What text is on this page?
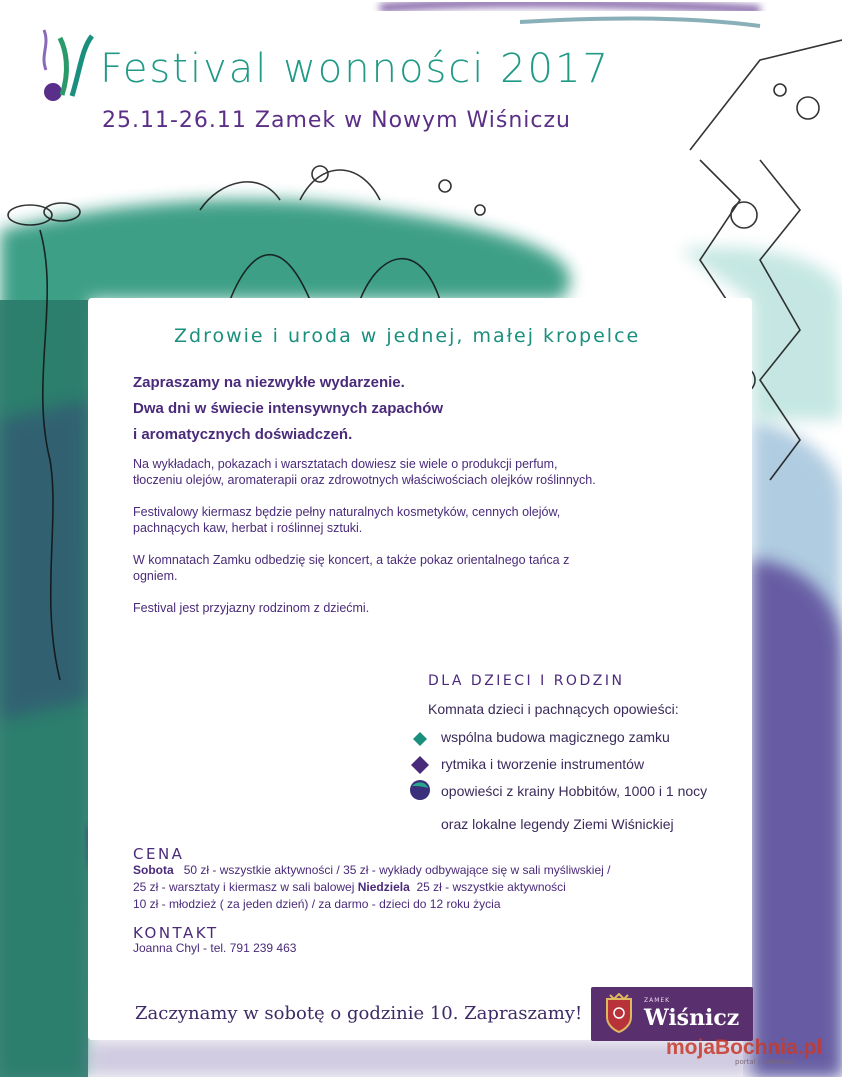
Festival wonności 2017
25.11-26.11 Zamek w Nowym Wiśniczu
Zdrowie i uroda w jednej, małej kropelce
Zapraszamy na niezwykłe wydarzenie.
Dwa dni w świecie intensywnych zapachów
i aromatycznych doświadczeń.

Na wykładach, pokazach i warsztatach dowiesz sie wiele o produkcji perfum, tłoczeniu olejów, aromaterapii oraz zdrowotnych właściwościach olejków roślinnych.

Festivalowy kiermasz będzie pełny naturalnych kosmetyków, cennych olejów, pachnących kaw, herbat i roślinnej sztuki.

W komnatach Zamku odbedzię się koncert, a także pokaz orientalnego tańca z ogniem.

Festival jest przyjazny rodzinom z dziećmi.

DLA DZIECI I RODZIN
Komnata dzieci i pachnących opowieści:
wspólna budowa magicznego zamku
rytmika i tworzenie instrumentów
opowieści z krainy Hobbitów, 1000 i 1 nocy
oraz lokalne legendy Ziemi Wiśnickiej
CENA
Sobota 50 zł - wszystkie aktywności / 35 zł - wykłady odbywające się w sali myśliwskiej /
25 zł - warsztaty i kiermasz w sali balowej Niedziela 25 zł - wszystkie aktywności
10 zł - młodzież ( za jeden dzień) / za darmo - dzieci do 12 roku życia
KONTAKT
Joanna Chyl - tel. 791 239 463
Zaczynamy w sobotę o godzinie 10. Zapraszamy!
ZAMEK
Wiśnicz
mojaBochnia.pl
portal | telewizja
